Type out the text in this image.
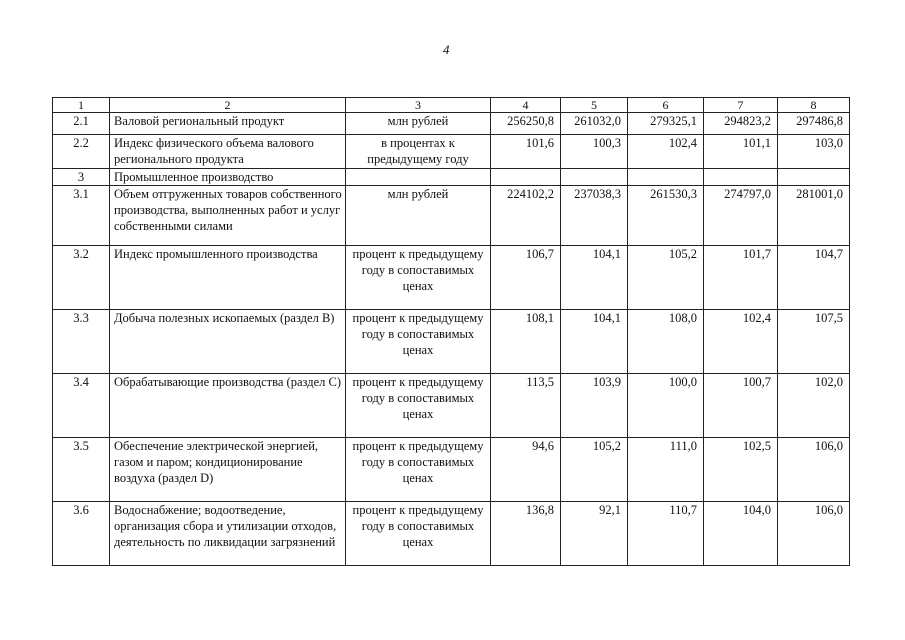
4
1	2	3	4	5	6	7	8
2.1	Валовой региональный продукт	млн рублей	256250,8	261032,0	279325,1	294823,2	297486,8
2.2	Индекс физического объема валового регионального продукта	в процентах к предыдущему году	101,6	100,3	102,4	101,1	103,0
3	Промышленное производство						
3.1	Объем отгруженных товаров собственного производства, выполненных работ и услуг собственными силами	млн рублей	224102,2	237038,3	261530,3	274797,0	281001,0
3.2	Индекс промышленного производства	процент к предыдущему году в сопоставимых ценах	106,7	104,1	105,2	101,7	104,7
3.3	Добыча полезных ископаемых (раздел B)	процент к предыдущему году в сопоставимых ценах	108,1	104,1	108,0	102,4	107,5
3.4	Обрабатывающие производства (раздел C)	процент к предыдущему году в сопоставимых ценах	113,5	103,9	100,0	100,7	102,0
3.5	Обеспечение электрической энергией, газом и паром; кондиционирование воздуха (раздел D)	процент к предыдущему году в сопоставимых ценах	94,6	105,2	111,0	102,5	106,0
3.6	Водоснабжение; водоотведение, организация сбора и утилизации отходов, деятельность по ликвидации загрязнений	процент к предыдущему году в сопоставимых ценах	136,8	92,1	110,7	104,0	106,0
